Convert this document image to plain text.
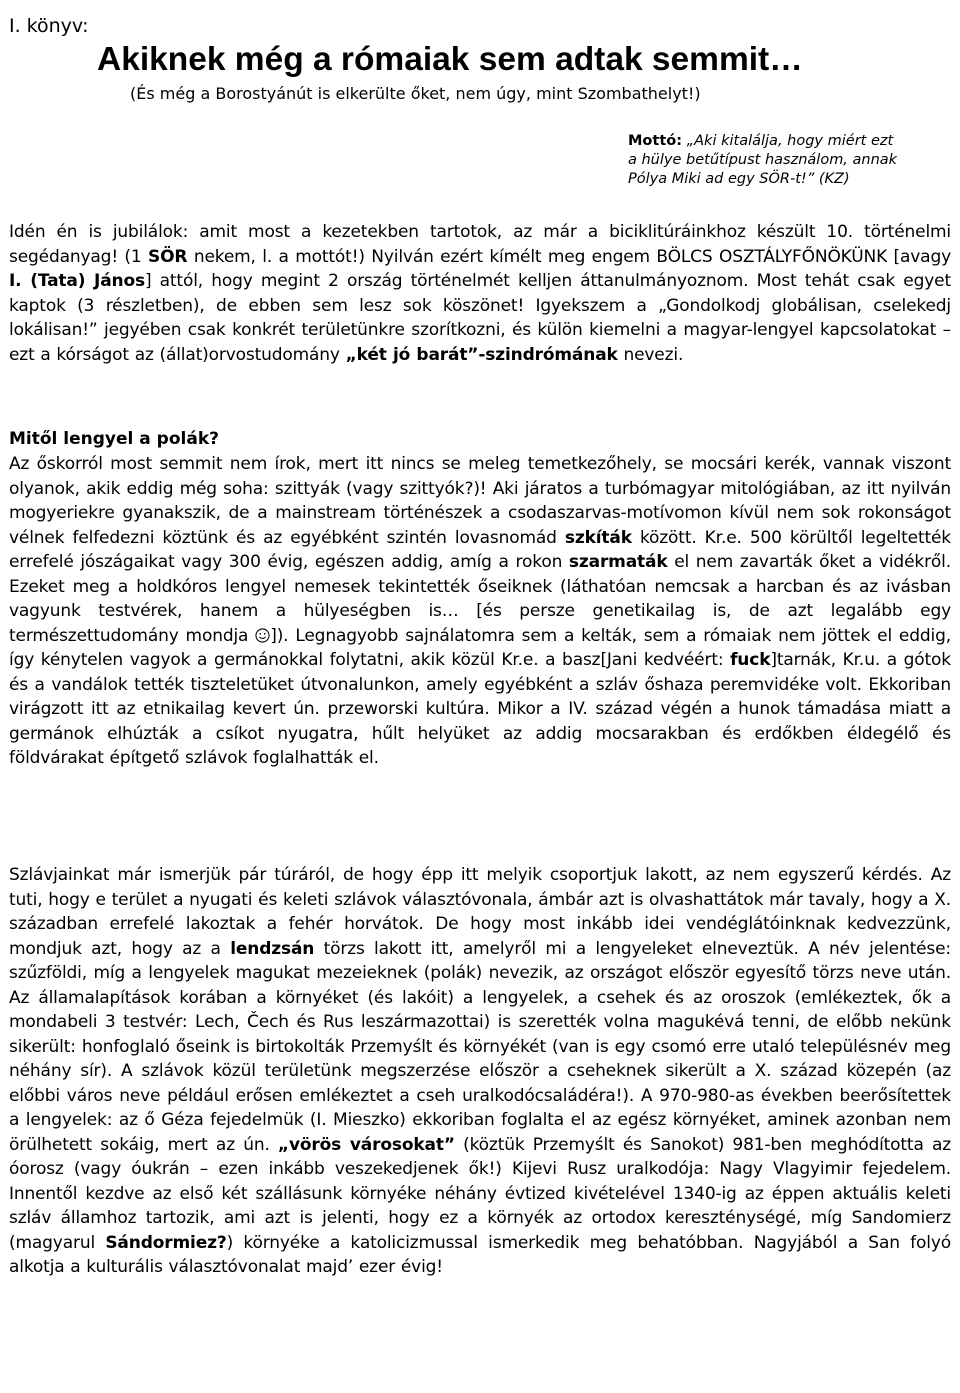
I. könyv:
Akiknek még a rómaiak sem adtak semmit…
(És még a Borostyánút is elkerülte őket, nem úgy, mint Szombathelyt!)
Mottó: „Aki kitalálja, hogy miért ezt
a hülye betűtípust használom, annak
Pólya Miki ad egy SÖR-t!” (KZ)

Idén én is jubilálok: amit most a kezetekben tartotok, az már a biciklitúráinkhoz készült 10. történelmi segédanyag! (1 SÖR nekem, l. a mottót!) Nyilván ezért kímélt meg engem BÖLCS OSZTÁLYFŐNÖKÜNK [avagy I. (Tata) János] attól, hogy megint 2 ország történelmét kelljen áttanulmányoznom. Most tehát csak egyet kaptok (3 részletben), de ebben sem lesz sok köszönet! Igyekszem a „Gondolkodj globálisan, cselekedj lokálisan!” jegyében csak konkrét területünkre szorítkozni, és külön kiemelni a magyar-lengyel kapcsolatokat – ezt a kórságot az (állat)orvostudomány „két jó barát”-szindrómának nevezi.

Mitől lengyel a polák?

Az őskorról most semmit nem írok, mert itt nincs se meleg temetkezőhely, se mocsári kerék, vannak viszont olyanok, akik eddig még soha: szittyák (vagy szittyók?)! Aki járatos a turbómagyar mitológiában, az itt nyilván mogyeriekre gyanakszik, de a mainstream történészek a csodaszarvas-motívomon kívül nem sok rokonságot vélnek felfedezni köztünk és az egyébként szintén lovasnomád szkíták között. Kr.e. 500 körültől legeltették errefelé jószágaikat vagy 300 évig, egészen addig, amíg a rokon szarmaták el nem zavarták őket a vidékről. Ezeket meg a holdkóros lengyel nemesek tekintették őseiknek (láthatóan nemcsak a harcban és az ivásban vagyunk testvérek, hanem a hülyeségben is… [és persze genetikailag is, de azt legalább egy természettudomány mondja ]). Legnagyobb sajnálatomra sem a kelták, sem a rómaiak nem jöttek el eddig, így kénytelen vagyok a germánokkal folytatni, akik közül Kr.e. a basz[Jani kedvéért: fuck]tarnák, Kr.u. a gótok és a vandálok tették tiszteletüket útvonalunkon, amely egyébként a szláv őshaza peremvidéke volt. Ekkoriban virágzott itt az etnikailag kevert ún. przeworski kultúra. Mikor a IV. század végén a hunok támadása miatt a germánok elhúzták a csíkot nyugatra, hűlt helyüket az addig mocsarakban és erdőkben éldegélő és földvárakat építgető szlávok foglalhatták el.

Szlávjainkat már ismerjük pár túráról, de hogy épp itt melyik csoportjuk lakott, az nem egyszerű kérdés. Az tuti, hogy e terület a nyugati és keleti szlávok választóvonala, ámbár azt is olvashattátok már tavaly, hogy a X. században errefelé lakoztak a fehér horvátok. De hogy most inkább idei vendéglátóinknak kedvezzünk, mondjuk azt, hogy az a lendzsán törzs lakott itt, amelyről mi a lengyeleket elneveztük. A név jelentése: szűzföldi, míg a lengyelek magukat mezeieknek (polák) nevezik, az országot először egyesítő törzs neve után. Az államalapítások korában a környéket (és lakóit) a lengyelek, a csehek és az oroszok (emlékeztek, ők a mondabeli 3 testvér: Lech, Čech és Rus leszármazottai) is szerették volna magukévá tenni, de előbb nekünk sikerült: honfoglaló őseink is birtokolták Przemyślt és környékét (van is egy csomó erre utaló településnév meg néhány sír). A szlávok közül területünk megszerzése először a cseheknek sikerült a X. század közepén (az előbbi város neve például erősen emlékeztet a cseh uralkodócsaládéra!). A 970-980-as években beerősítettek a lengyelek: az ő Géza fejedelmük (I. Mieszko) ekkoriban foglalta el az egész környéket, aminek azonban nem örülhetett sokáig, mert az ún. „vörös városokat” (köztük Przemyślt és Sanokot) 981-ben meghódította az óorosz (vagy óukrán – ezen inkább veszekedjenek ők!) Kijevi Rusz uralkodója: Nagy Vlagyimir fejedelem. Innentől kezdve az első két szállásunk környéke néhány évtized kivételével 1340-ig az éppen aktuális keleti szláv államhoz tartozik, ami azt is jelenti, hogy ez a környék az ortodox kereszténységé, míg Sandomierz (magyarul Sándormiez?) környéke a katolicizmussal ismerkedik meg behatóbban. Nagyjából a San folyó alkotja a kulturális választóvonalat majd’ ezer évig!
